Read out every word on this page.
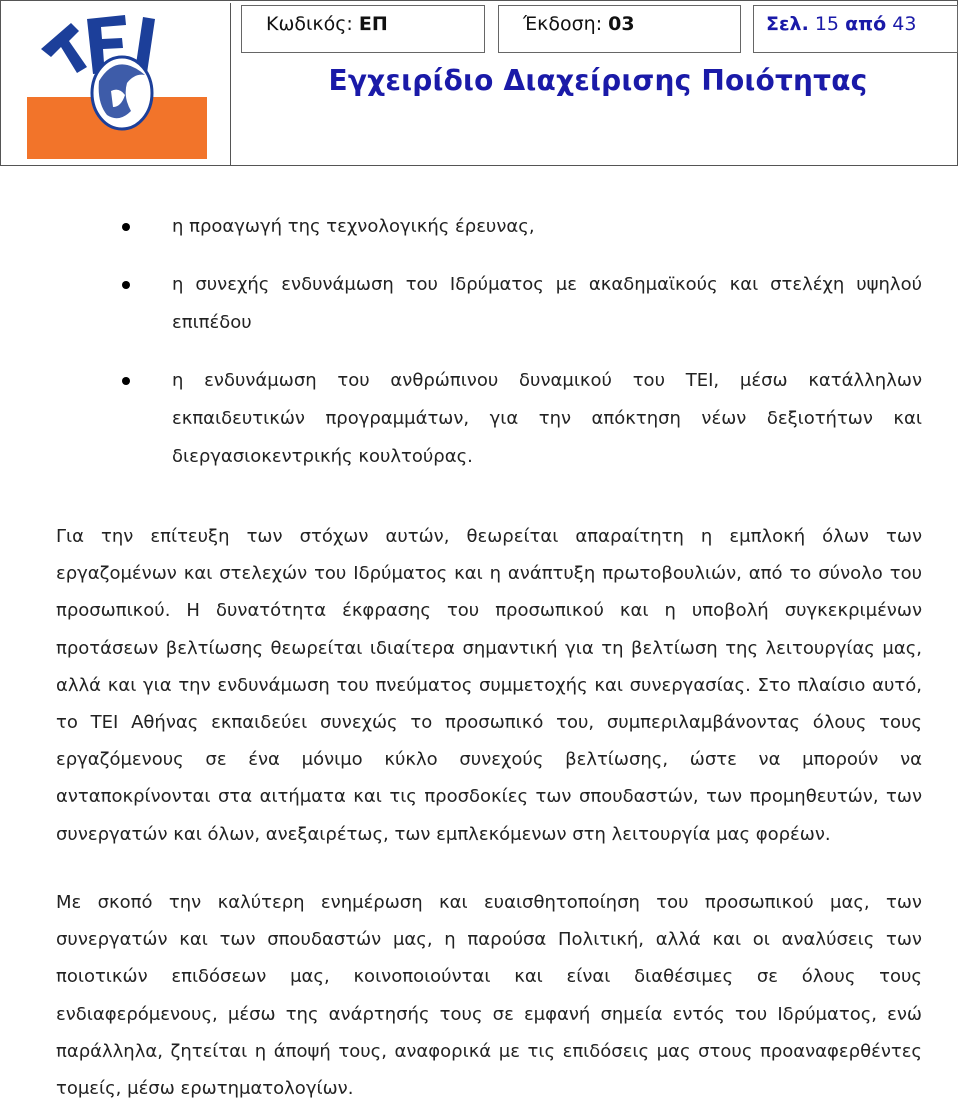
Κωδικός: ΕΠ	Έκδοση: 03	Σελ. 15 από 43
Εγχειρίδιο Διαχείρισης Ποιότητας
η προαγωγή της τεχνολογικής έρευνας,
η συνεχής ενδυνάμωση του Ιδρύματος με ακαδημαϊκούς και στελέχη υψηλού επιπέδου
η ενδυνάμωση του ανθρώπινου δυναμικού του ΤΕΙ, μέσω κατάλληλων εκπαιδευτικών προγραμμάτων, για την απόκτηση νέων δεξιοτήτων και διεργασιοκεντρικής κουλτούρας.

Για την επίτευξη των στόχων αυτών, θεωρείται απαραίτητη η εμπλοκή όλων των εργαζομένων και στελεχών του Ιδρύματος και η ανάπτυξη πρωτοβουλιών, από το σύνολο του προσωπικού. Η δυνατότητα έκφρασης του προσωπικού και η υποβολή συγκεκριμένων προτάσεων βελτίωσης θεωρείται ιδιαίτερα σημαντική για τη βελτίωση της λειτουργίας μας, αλλά και για την ενδυνάμωση του πνεύματος συμμετοχής και συνεργασίας. Στο πλαίσιο αυτό, το ΤΕΙ Αθήνας εκπαιδεύει συνεχώς το προσωπικό του, συμπεριλαμβάνοντας όλους τους εργαζόμενους σε ένα μόνιμο κύκλο συνεχούς βελτίωσης, ώστε να μπορούν να ανταποκρίνονται στα αιτήματα και τις προσδοκίες των σπουδαστών, των προμηθευτών, των συνεργατών και όλων, ανεξαιρέτως, των εμπλεκόμενων στη λειτουργία μας φορέων.

Με σκοπό την καλύτερη ενημέρωση και ευαισθητοποίηση του προσωπικού μας, των συνεργατών και των σπουδαστών μας, η παρούσα Πολιτική, αλλά και οι αναλύσεις των ποιοτικών επιδόσεων μας, κοινοποιούνται και είναι διαθέσιμες σε όλους τους ενδιαφερόμενους, μέσω της ανάρτησής τους σε εμφανή σημεία εντός του Ιδρύματος, ενώ παράλληλα, ζητείται η άποψή τους, αναφορικά με τις επιδόσεις μας στους προαναφερθέντες τομείς, μέσω ερωτηματολογίων.
